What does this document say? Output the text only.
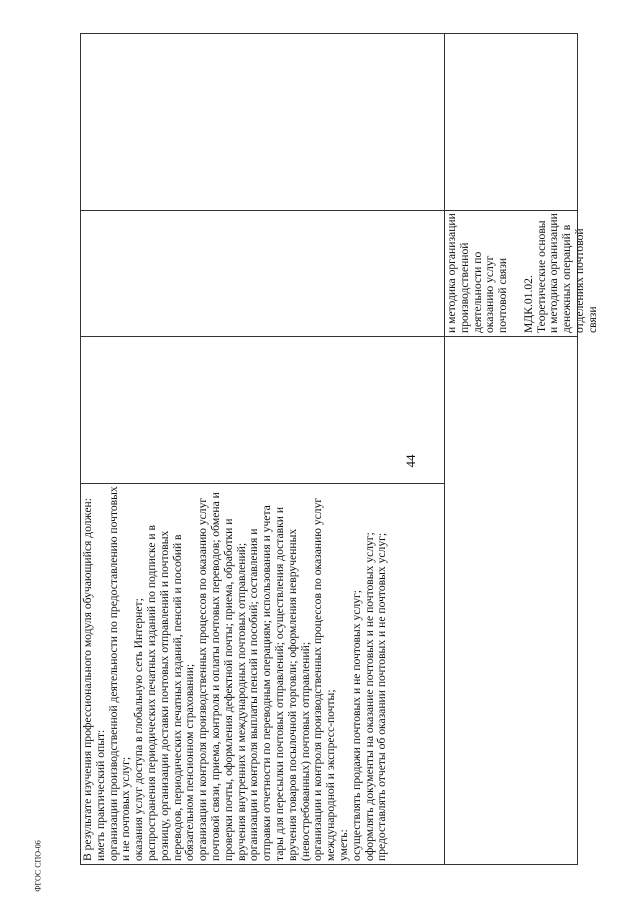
44
ФГОС СПО-06	В результате изучения профессионального модуля обучающийся должен:
иметь практический опыт:
организации производственной деятельности по предоставлению почтовых и не почтовых услуг;
оказания услуг доступа в глобальную сеть Интернет;
распространения периодических печатных изданий по подписке и в розницу, организации доставки почтовых отправлений и почтовых переводов, периодических печатных изданий, пенсий и пособий в обязательном пенсионном страховании;
организации и контроля производственных процессов по оказанию услуг почтовой связи, приема, контроля и оплаты почтовых переводов; обмена и проверки почты, оформления дефектной почты; приема, обработки и вручения внутренних и международных почтовых отправлений;
организации и контроля выплаты пенсий и пособий; составления и отправки отчетности по переводным операциям; использования и учета тары для пересылки почтовых отправлений; осуществления доставки и вручения товаров посылочной торговли; оформления неврученных (невостребованных) почтовых отправлений;
организации и контроля производственных процессов по оказанию услуг международной и экспресс-почты;
уметь:
осуществлять продажи почтовых и не почтовых услуг;
оформлять документы на оказание почтовых и не почтовых услуг;
предоставлять отчеты об оказании почтовых и не почтовых услуг;
и методика организации производственной деятельности по оказанию услуг почтовой связи

МДК.01.02. Теоретические основы и методика организации денежных операций в отделениях почтовой связи
